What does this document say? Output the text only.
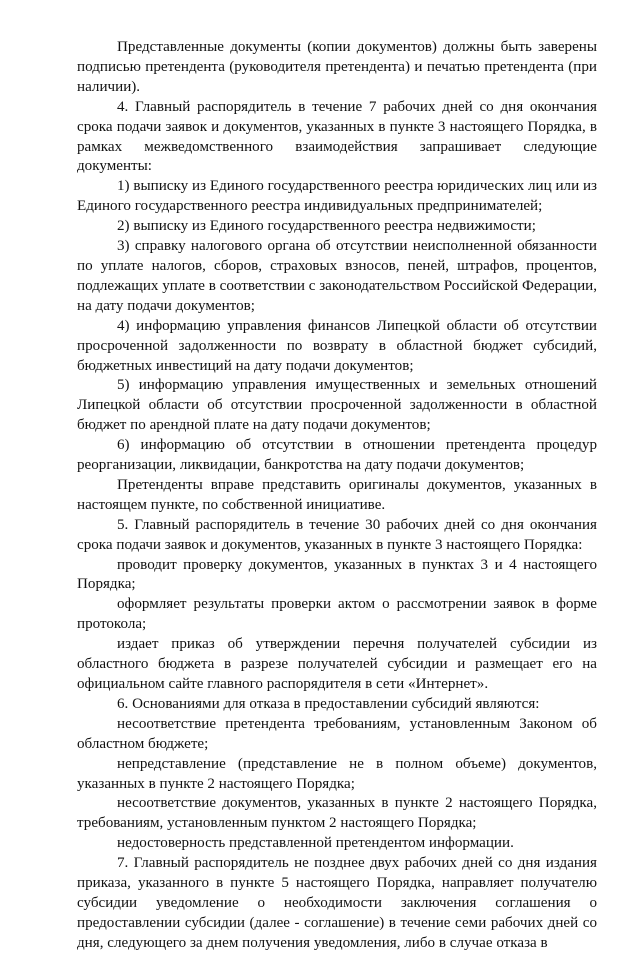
Представленные документы (копии документов) должны быть заверены подписью претендента (руководителя претендента) и печатью претендента (при наличии).

4. Главный распорядитель в течение 7 рабочих дней со дня окончания срока подачи заявок и документов, указанных в пункте 3 настоящего Порядка, в рамках межведомственного взаимодействия запрашивает следующие документы:

1) выписку из Единого государственного реестра юридических лиц или из Единого государственного реестра индивидуальных предпринимателей;

2) выписку из Единого государственного реестра недвижимости;

3) справку налогового органа об отсутствии неисполненной обязанности по уплате налогов, сборов, страховых взносов, пеней, штрафов, процентов, подлежащих уплате в соответствии с законодательством Российской Федерации, на дату подачи документов;

4) информацию управления финансов Липецкой области об отсутствии просроченной задолженности по возврату в областной бюджет субсидий, бюджетных инвестиций на дату подачи документов;

5) информацию управления имущественных и земельных отношений Липецкой области об отсутствии просроченной задолженности в областной бюджет по арендной плате на дату подачи документов;

6) информацию об отсутствии в отношении претендента процедур реорганизации, ликвидации, банкротства на дату подачи документов;

Претенденты вправе представить оригиналы документов, указанных в настоящем пункте, по собственной инициативе.

5. Главный распорядитель в течение 30 рабочих дней со дня окончания срока подачи заявок и документов, указанных в пункте 3 настоящего Порядка:

проводит проверку документов, указанных в пунктах 3 и 4 настоящего Порядка;

оформляет результаты проверки актом о рассмотрении заявок в форме протокола;

издает приказ об утверждении перечня получателей субсидии из областного бюджета в разрезе получателей субсидии и размещает его на официальном сайте главного распорядителя в сети «Интернет».

6. Основаниями для отказа в предоставлении субсидий являются:

несоответствие претендента требованиям, установленным Законом об областном бюджете;

непредставление (представление не в полном объеме) документов, указанных в пункте 2 настоящего Порядка;

несоответствие документов, указанных в пункте 2 настоящего Порядка, требованиям, установленным пунктом 2 настоящего Порядка;

недостоверность представленной претендентом информации.

7. Главный распорядитель не позднее двух рабочих дней со дня издания приказа, указанного в пункте 5 настоящего Порядка, направляет получателю субсидии уведомление о необходимости заключения соглашения о предоставлении субсидии (далее - соглашение) в течение семи рабочих дней со дня, следующего за днем получения уведомления, либо в случае отказа в
